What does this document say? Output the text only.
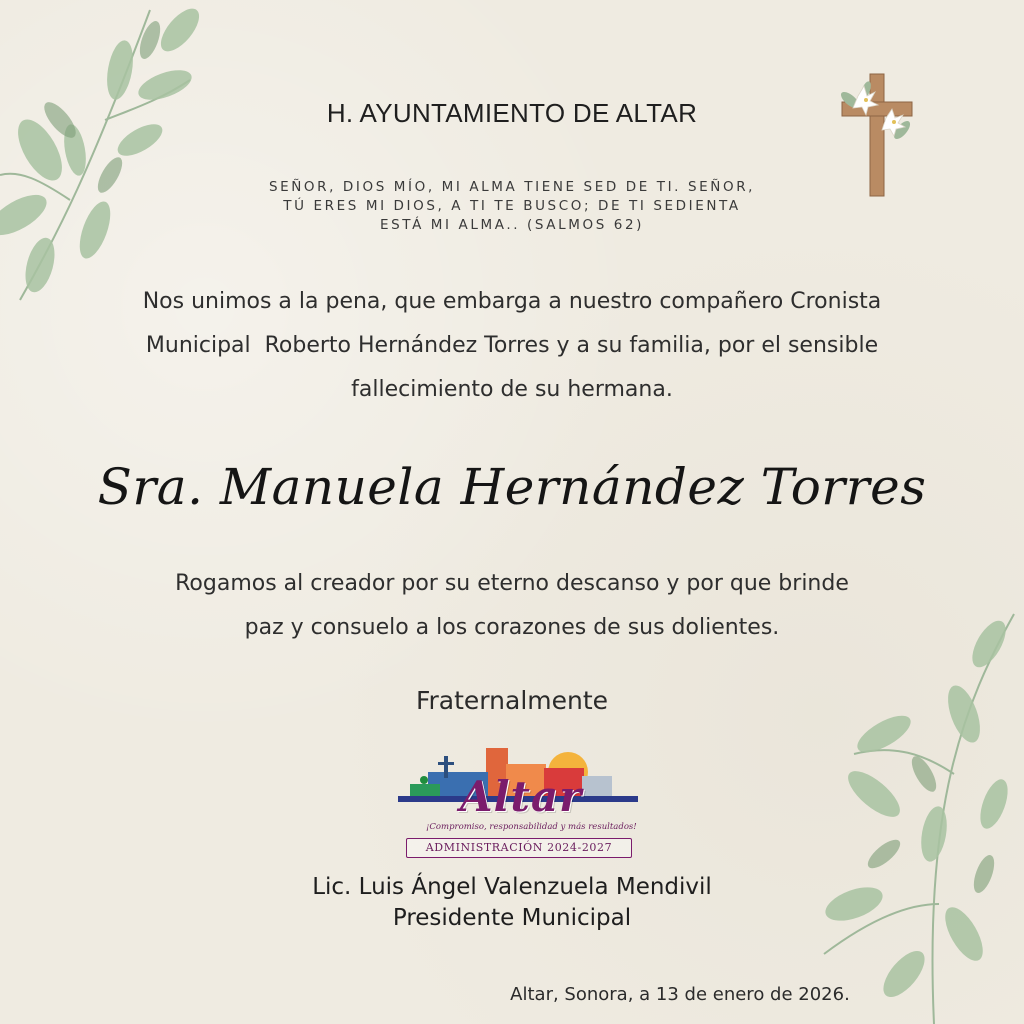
H. AYUNTAMIENTO DE ALTAR
SEÑOR, DIOS MÍO, MI ALMA TIENE SED DE TI. SEÑOR,
TÚ ERES MI DIOS, A TI TE BUSCO; DE TI SEDIENTA
ESTÁ MI ALMA.. (SALMOS 62)
Nos unimos a la pena, que embarga a nuestro compañero Cronista
Municipal  Roberto Hernández Torres y a su familia, por el sensible
fallecimiento de su hermana.
Sra. Manuela Hernández Torres
Rogamos al creador por su eterno descanso y por que brinde
paz y consuelo a los corazones de sus dolientes.
Fraternalmente
Altar
¡Compromiso, responsabilidad y más resultados!
ADMINISTRACIÓN 2024-2027
Lic. Luis Ángel Valenzuela Mendivil
Presidente Municipal
Altar, Sonora, a 13 de enero de 2026.
